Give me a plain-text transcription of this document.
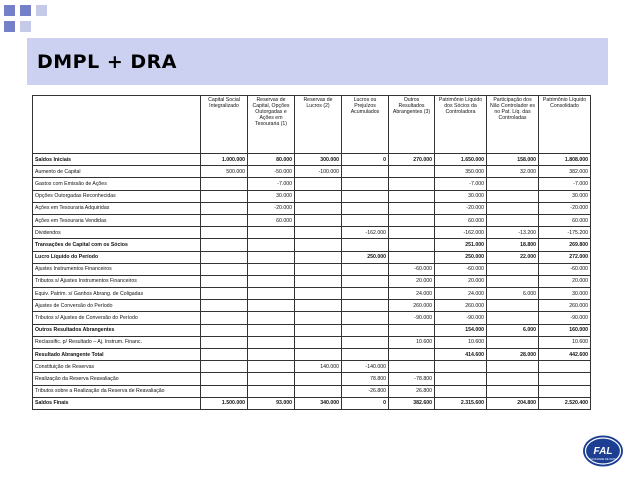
DMPL + DRA
	Capital Social Integralizado	Reservas de Capital, Opções Outorgadas e Ações em Tesouraria (1)	Reservas de Lucros (2)	Lucros ou Prejuízos Acumulados	Outros Resultados Abrangentes (3)	Patrimônio Líquido dos Sócios da Controladora	Participação dos Não Controlador es no Pat. Líq. das Controladas	Patrimônio Líquido Consolidado
Saldos Iniciais	1.000.000	80.000	300.000	0	270.000	1.650.000	158.000	1.808.000
Aumento de Capital	500.000	-50.000	-100.000			350.000	32.000	382.000
Gastos com Emissão de Ações		-7.000				-7.000		-7.000
Opções Outorgadas Reconhecidas		30.000				30.000		30.000
Ações em Tesouraria Adquiridas		-20.000				-20.000		-20.000
Ações em Tesouraria Vendidas		60.000				60.000		60.000
Dividendos				-162.000		-162.000	-13.200	-175.200
Transações de Capital com os Sócios						251.000	18.800	269.800
Lucro Líquido do Período				250.000		250.000	22.000	272.000
Ajustes Instrumentos Financeiros					-60.000	-60.000		-60.000
Tributos s/ Ajustes Instrumentos Financeiros					20.000	20.000		20.000
Equiv. Patrim. s/ Ganhos Abrang. de Coligadas					24.000	24.000	6.000	30.000
Ajustes de Conversão do Período					260.000	260.000		260.000
Tributos s/ Ajustes de Conversão do Período					-90.000	-90.000		-90.000
Outros Resultados Abrangentes						154.000	6.000	160.000
Reclassific. p/ Resultado – Aj. Instrum. Financ.					10.600	10.600		10.600
Resultado Abrangente Total						414.600	28.000	442.600
Constituição de Reservas			140.000	-140.000				
Realização da Reserva Reavaliação				78.800	-78.800			
Tributos sobre a Realização da Reserva de Reavaliação				-26.800	26.800			
Saldos Finais	1.500.000	93.000	340.000	0	382.600	2.315.600	204.800	2.520.400
FAL
FACULDADE DE NATAL
